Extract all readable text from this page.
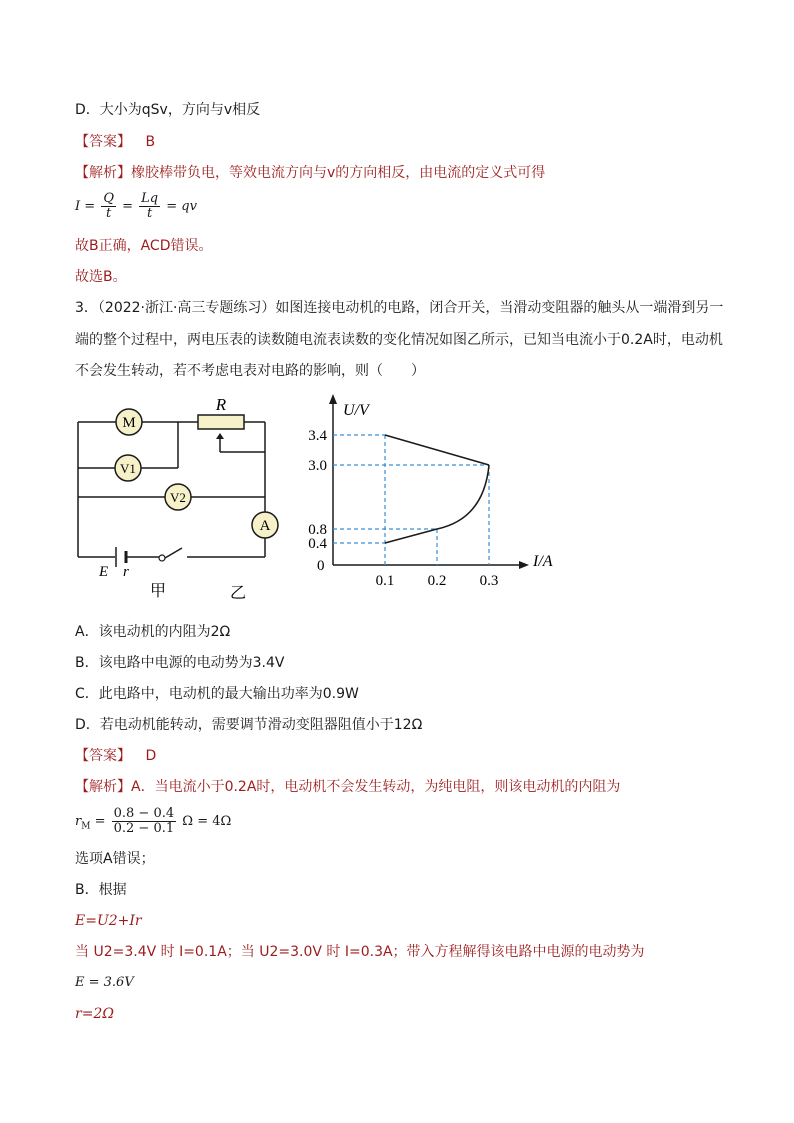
D．大小为qSv，方向与v相反
【答案】 B
【解析】橡胶棒带负电，等效电流方向与v的方向相反，由电流的定义式可得
$I = \frac{Q}{t} = \frac{Lq}{t}$ = qv
故B正确，ACD错误。
故选B。
3．（2022·浙江·高三专题练习）如图连接电动机的电路，闭合开关，当滑动变阻器的触头从一端滑到另一
端的整个过程中，两电压表的读数随电流表读数的变化情况如图乙所示，已知当电流小于0.2A时，电动机
不会发生转动，若不考虑电表对电路的影响，则（　　）
M
V1
V2
A
R
E r
甲
U/V
I/A
0
乙
0.4
0.8
3.0
3.4
0.1 0.2 0.3
A．该电动机的内阻为2Ω
B．该电路中电源的电动势为3.4V
C．此电路中，电动机的最大输出功率为0.9W
D．若电动机能转动，需要调节滑动变阻器阻值小于12Ω
【答案】 D
【解析】A．当电流小于0.2A时，电动机不会发生转动，为纯电阻，则该电动机的内阻为
$r_M = \frac{0.8 - 0.4}{0.2 - 0.1}$ Ω = 4Ω
选项A错误；
B．根据
E=U2+Ir
当 U2=3.4V 时 I=0.1A；当 U2=3.0V 时 I=0.3A；带入方程解得该电路中电源的电动势为
E = 3.6V
r=2Ω
